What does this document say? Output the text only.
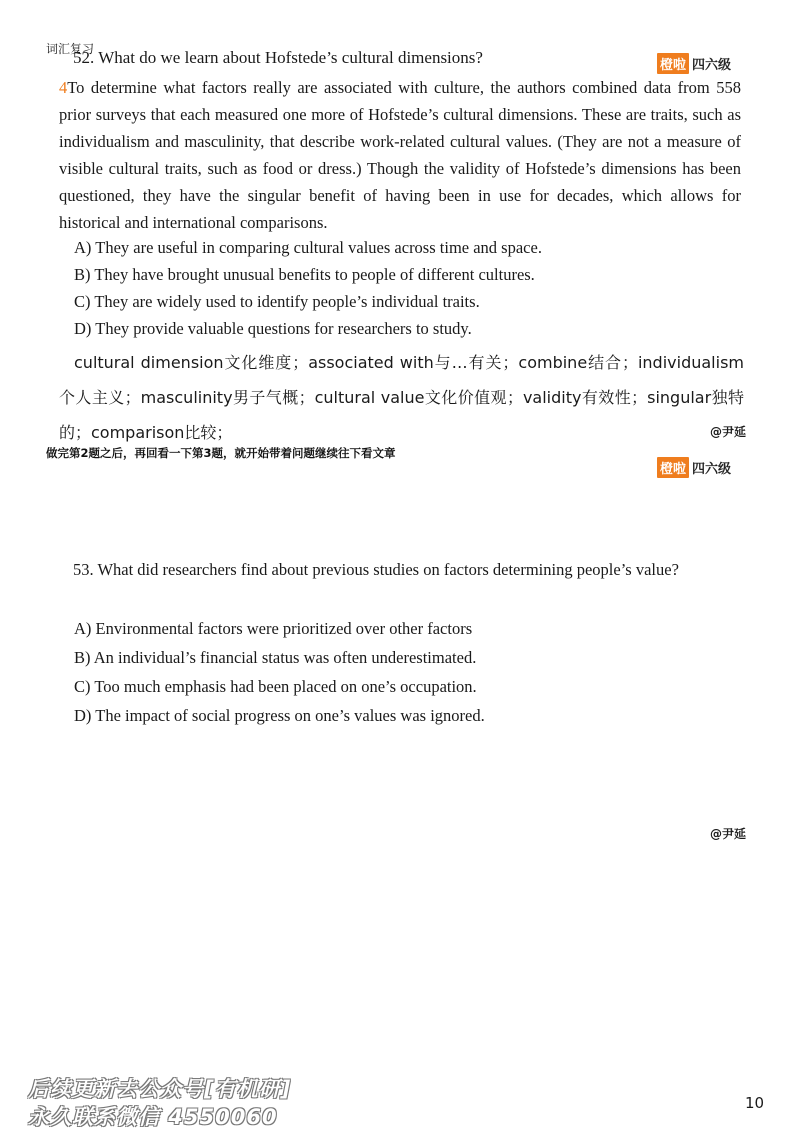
词汇复习
52. What do we learn about Hofstede’s cultural dimensions?	橙啦 四六级
4To determine what factors really are associated with culture, the authors combined data from 558 prior surveys that each measured one more of Hofstede’s cultural dimensions. These are traits, such as individualism and masculinity, that describe work-related cultural values. (They are not a measure of visible cultural traits, such as food or dress.) Though the validity of Hofstede’s dimensions has been questioned, they have the singular benefit of having been in use for decades, which allows for historical and international comparisons.
A) They are useful in comparing cultural values across time and space.
B) They have brought unusual benefits to people of different cultures.
C) They are widely used to identify people’s individual traits.
D) They provide valuable questions for researchers to study.
cultural dimension文化维度；associated with与…有关；combine结合；individualism个人主义；masculinity男子气概；cultural value文化价值观；validity有效性；singular独特的；comparison比较；	@尹延
做完第2题之后，再回看一下第3题，就开始带着问题继续往下看文章
橙啦 四六级
53. What did researchers find about previous studies on factors determining people’s value?
A) Environmental factors were prioritized over other factors
B) An individual’s financial status was often underestimated.
C) Too much emphasis had been placed on one’s occupation.
D) The impact of social progress on one’s values was ignored.
@尹延
后续更新去公众号[有机研]
永久联系微信 4550060
10
